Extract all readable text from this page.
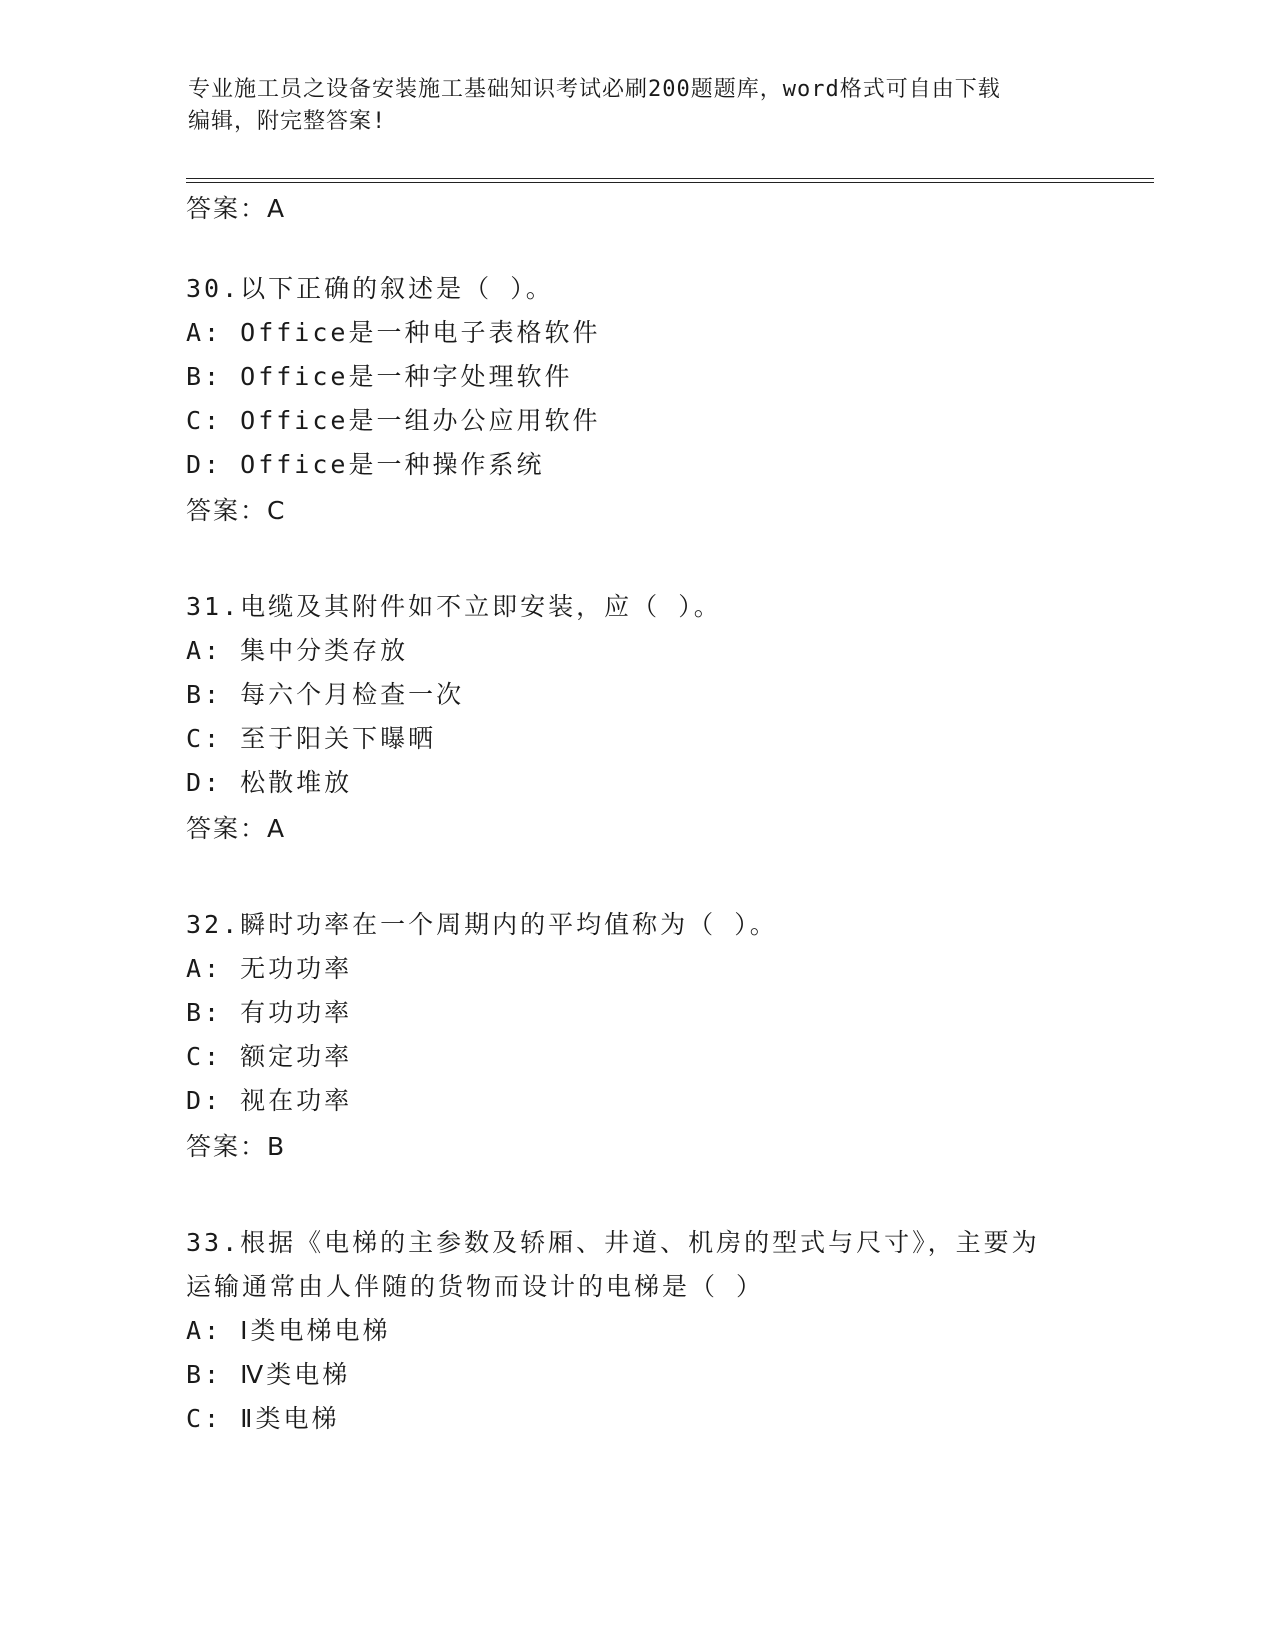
专业施工员之设备安装施工基础知识考试必刷200题题库，word格式可自由下载
编辑，附完整答案!
答案：A
30.以下正确的叙述是（ ）。
A: Office是一种电子表格软件
B: Office是一种字处理软件
C: Office是一组办公应用软件
D: Office是一种操作系统
答案：C
31.电缆及其附件如不立即安装，应（ ）。
A: 集中分类存放
B: 每六个月检查一次
C: 至于阳关下曝晒
D: 松散堆放
答案：A
32.瞬时功率在一个周期内的平均值称为（ ）。
A: 无功功率
B: 有功功率
C: 额定功率
D: 视在功率
答案：B
33.根据《电梯的主参数及轿厢、井道、机房的型式与尺寸》，主要为
运输通常由人伴随的货物而设计的电梯是（ ）
A: Ⅰ类电梯电梯
B: Ⅳ类电梯
C: Ⅱ类电梯
